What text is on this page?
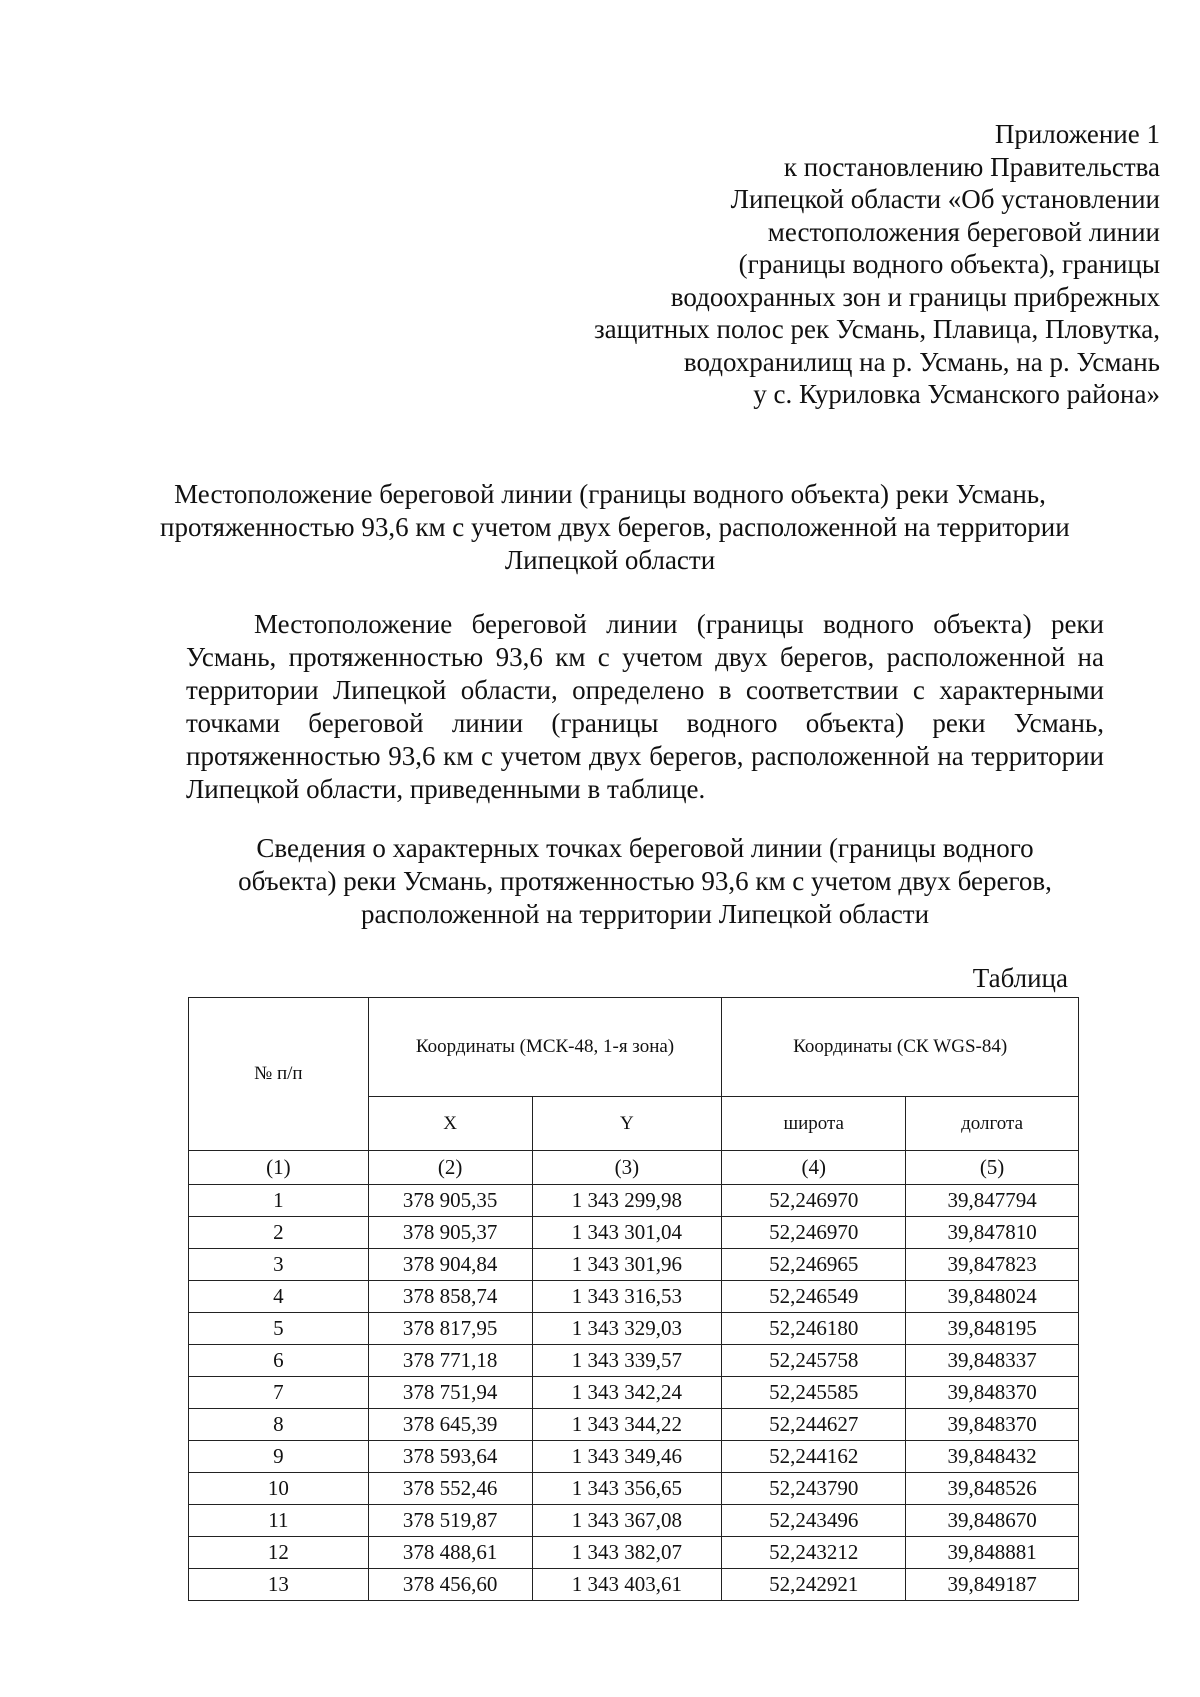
Приложение 1
к постановлению Правительства
Липецкой области «Об установлении
местоположения береговой линии
(границы водного объекта), границы
водоохранных зон и границы прибрежных
защитных полос рек Усмань, Плавица, Пловутка,
водохранилищ на р. Усмань, на р. Усмань
у с. Куриловка Усманского района»
Местоположение береговой линии (границы водного объекта) реки Усмань,
протяженностью 93,6 км с учетом двух берегов, расположенной на территории
Липецкой области
Местоположение береговой линии (границы водного объекта) реки
Усмань, протяженностью 93,6 км с учетом двух берегов, расположенной на
территории Липецкой области, определено в соответствии с характерными
точками береговой линии (границы водного объекта) реки Усмань,
протяженностью 93,6 км с учетом двух берегов, расположенной на территории
Липецкой области, приведенными в таблице.
Сведения о характерных точках береговой линии (границы водного
объекта) реки Усмань, протяженностью 93,6 км с учетом двух берегов,
расположенной на территории Липецкой области
Таблица
№ п/п	Координаты (МСК-48, 1-я зона)		Координаты (СК WGS-84)	
	X	Y	широта	долгота
(1)	(2)	(3)	(4)	(5)
1	378 905,35	1 343 299,98	52,246970	39,847794
2	378 905,37	1 343 301,04	52,246970	39,847810
3	378 904,84	1 343 301,96	52,246965	39,847823
4	378 858,74	1 343 316,53	52,246549	39,848024
5	378 817,95	1 343 329,03	52,246180	39,848195
6	378 771,18	1 343 339,57	52,245758	39,848337
7	378 751,94	1 343 342,24	52,245585	39,848370
8	378 645,39	1 343 344,22	52,244627	39,848370
9	378 593,64	1 343 349,46	52,244162	39,848432
10	378 552,46	1 343 356,65	52,243790	39,848526
11	378 519,87	1 343 367,08	52,243496	39,848670
12	378 488,61	1 343 382,07	52,243212	39,848881
13	378 456,60	1 343 403,61	52,242921	39,849187
